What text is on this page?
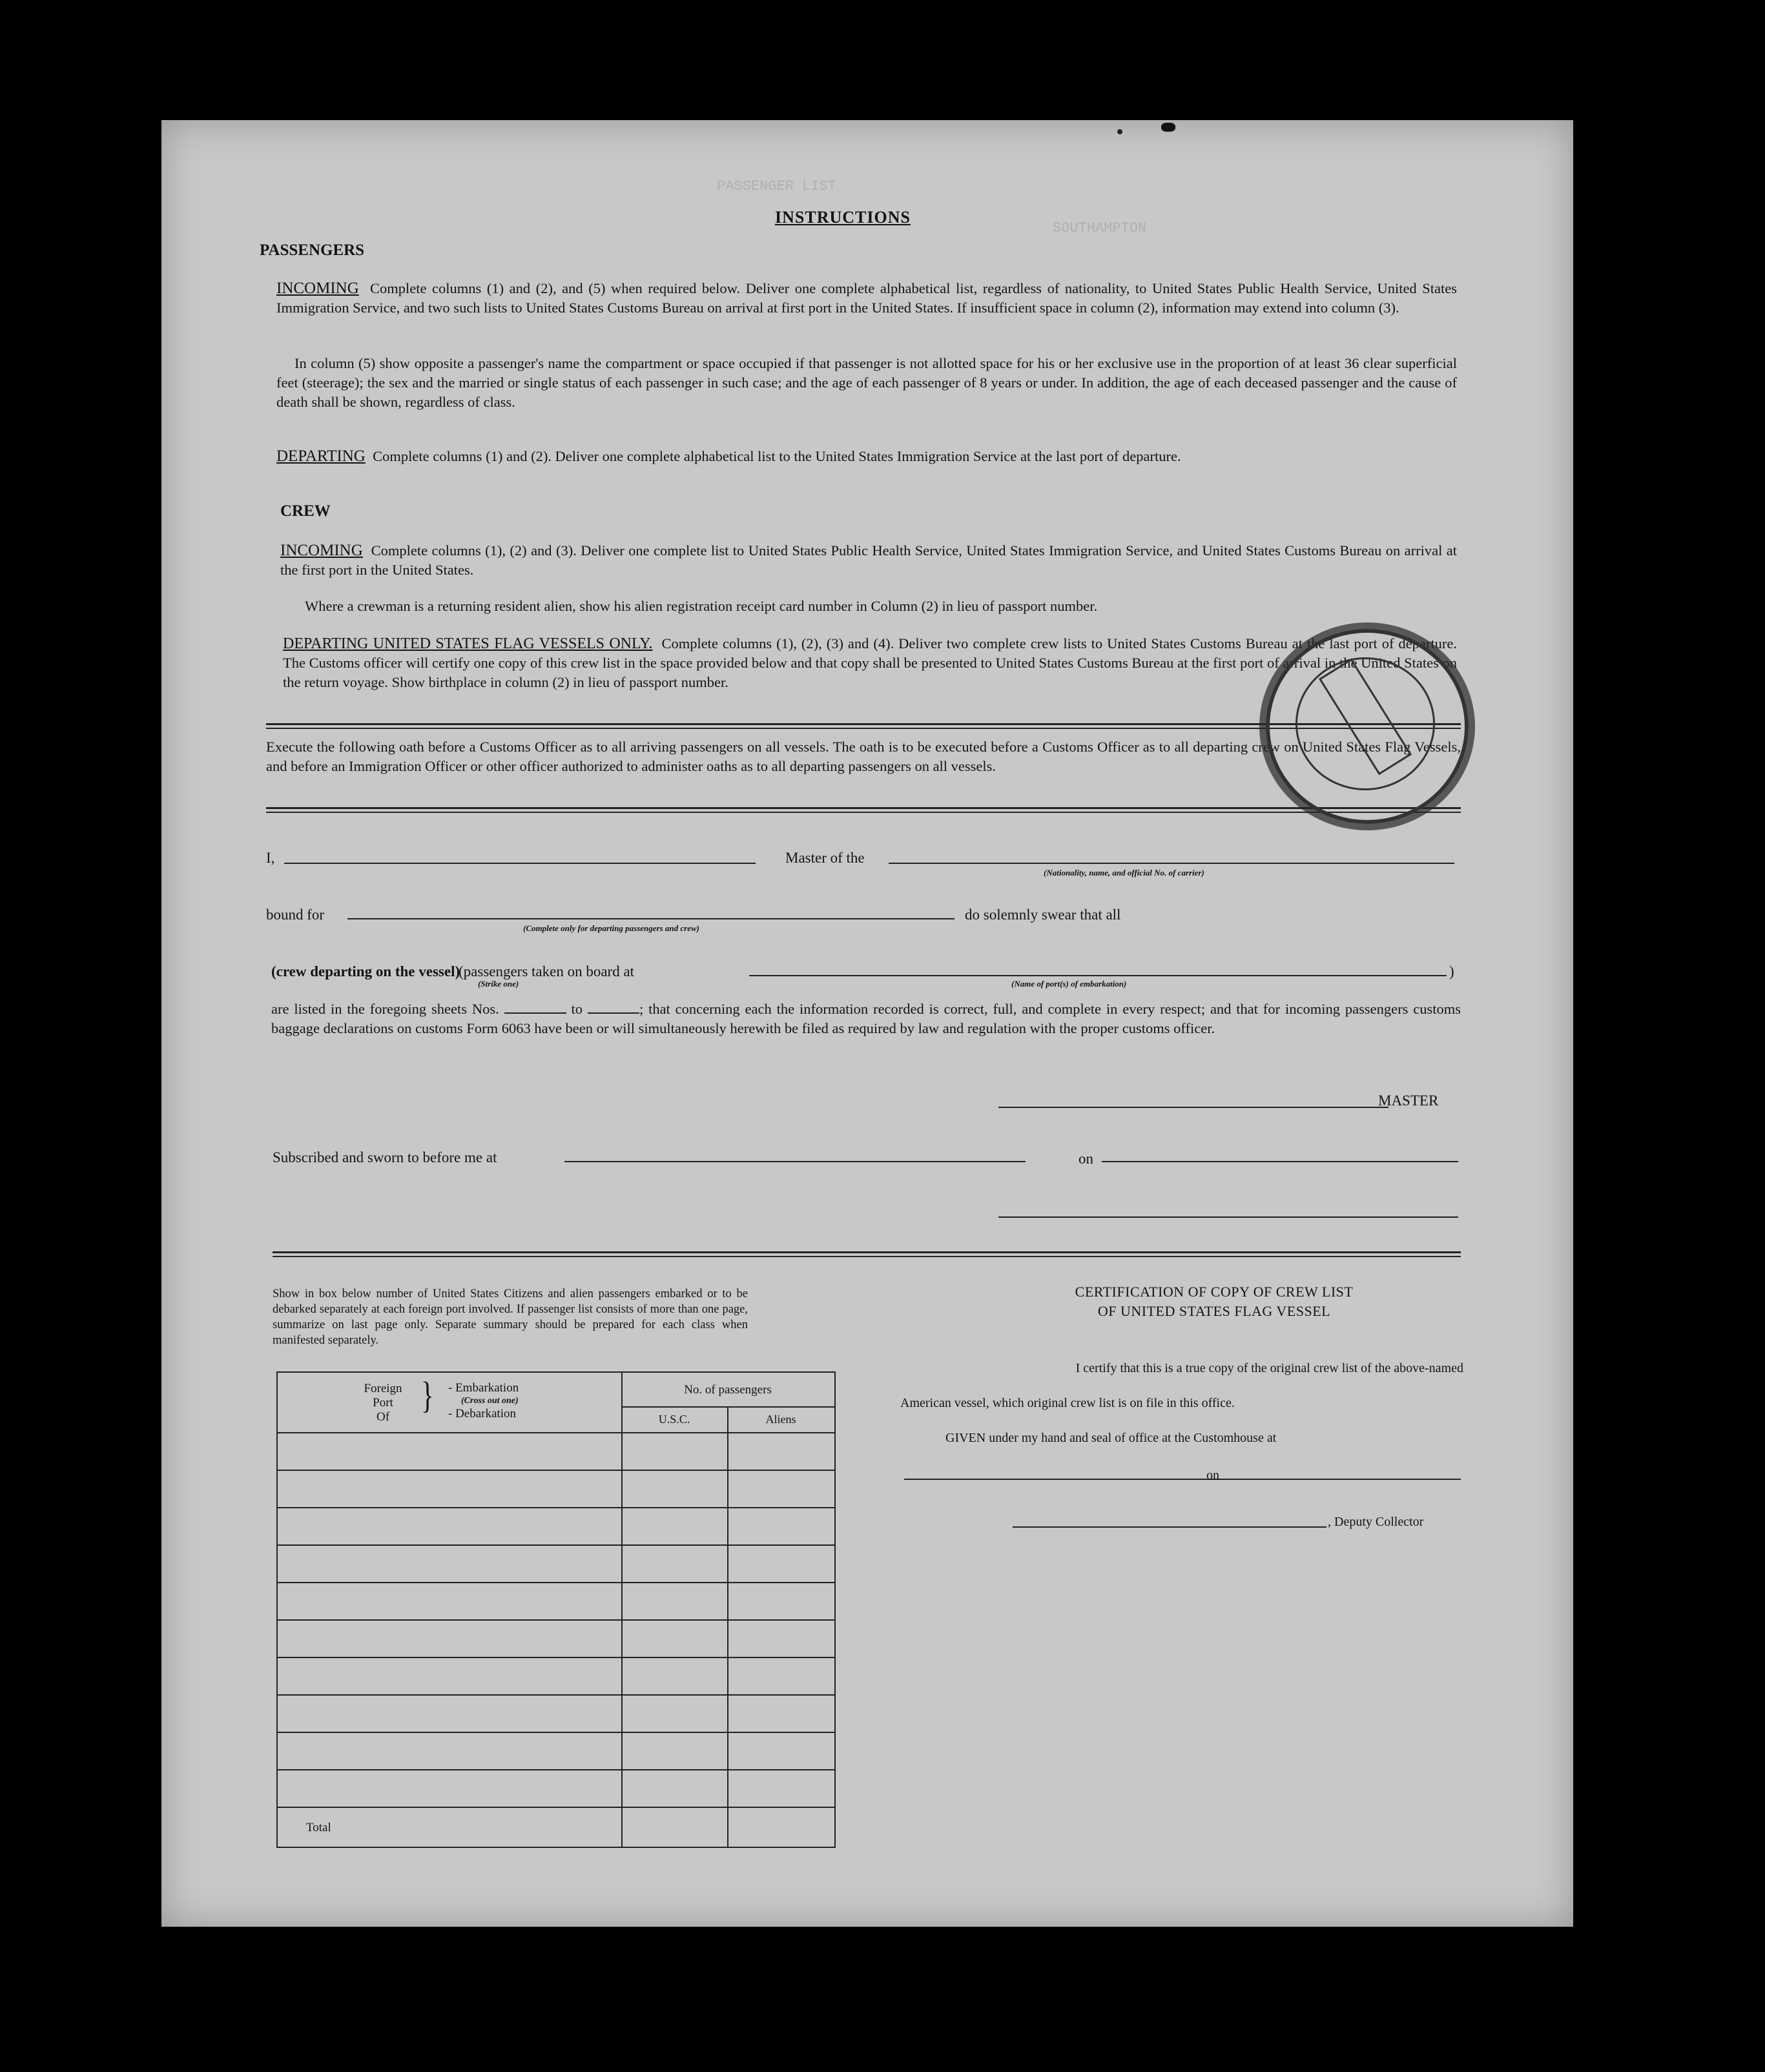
PASSENGER LIST
SOUTHAMPTON
INSTRUCTIONS
PASSENGERS
INCOMING Complete columns (1) and (2), and (5) when required below. Deliver one complete alphabetical list, regardless of nationality, to United States Public Health Service, United States Immigration Service, and two such lists to United States Customs Bureau on arrival at first port in the United States. If insufficient space in column (2), information may extend into column (3).
In column (5) show opposite a passenger's name the compartment or space occupied if that passenger is not allotted space for his or her exclusive use in the proportion of at least 36 clear superficial feet (steerage); the sex and the married or single status of each passenger in such case; and the age of each passenger of 8 years or under. In addition, the age of each deceased passenger and the cause of death shall be shown, regardless of class.
DEPARTING Complete columns (1) and (2). Deliver one complete alphabetical list to the United States Immigration Service at the last port of departure.
CREW
INCOMING Complete columns (1), (2) and (3). Deliver one complete list to United States Public Health Service, United States Immigration Service, and United States Customs Bureau on arrival at the first port in the United States.
Where a crewman is a returning resident alien, show his alien registration receipt card number in Column (2) in lieu of passport number.
DEPARTING UNITED STATES FLAG VESSELS ONLY. Complete columns (1), (2), (3) and (4). Deliver two complete crew lists to United States Customs Bureau at the last port of departure. The Customs officer will certify one copy of this crew list in the space provided below and that copy shall be presented to United States Customs Bureau at the first port of arrival in the United States on the return voyage. Show birthplace in column (2) in lieu of passport number.
Execute the following oath before a Customs Officer as to all arriving passengers on all vessels. The oath is to be executed before a Customs Officer as to all departing crew on United States Flag Vessels, and before an Immigration Officer or other officer authorized to administer oaths as to all departing passengers on all vessels.
I,	Master of the
(Nationality, name, and official No. of carrier)
bound for
(Complete only for departing passengers and crew)
do solemnly swear that all
(crew departing on the vessel)
(passengers taken on board at	)
(Strike one)	(Name of port(s) of embarkation)
are listed in the foregoing sheets Nos.	to	; that concerning each the information recorded is correct, full, and complete in every respect; and that for incoming passengers customs baggage declarations on customs Form 6063 have been or will simultaneously herewith be filed as required by law and regulation with the proper customs officer.
MASTER
Subscribed and sworn to before me at	on
Show in box below number of United States Citizens and alien passengers embarked or to be debarked separately at each foreign port involved. If passenger list consists of more than one page, summarize on last page only. Separate summary should be prepared for each class when manifested separately.
Foreign
Port
Of
} - Embarkation
(Cross out one)
- Debarkation
No. of passengers
U.S.C.	Aliens
Total
CERTIFICATION OF COPY OF CREW LIST
OF UNITED STATES FLAG VESSEL
I certify that this is a true copy of the original crew list of the above-named
American vessel, which original crew list is on file in this office.
GIVEN under my hand and seal of office at the Customhouse at
on
, Deputy Collector
